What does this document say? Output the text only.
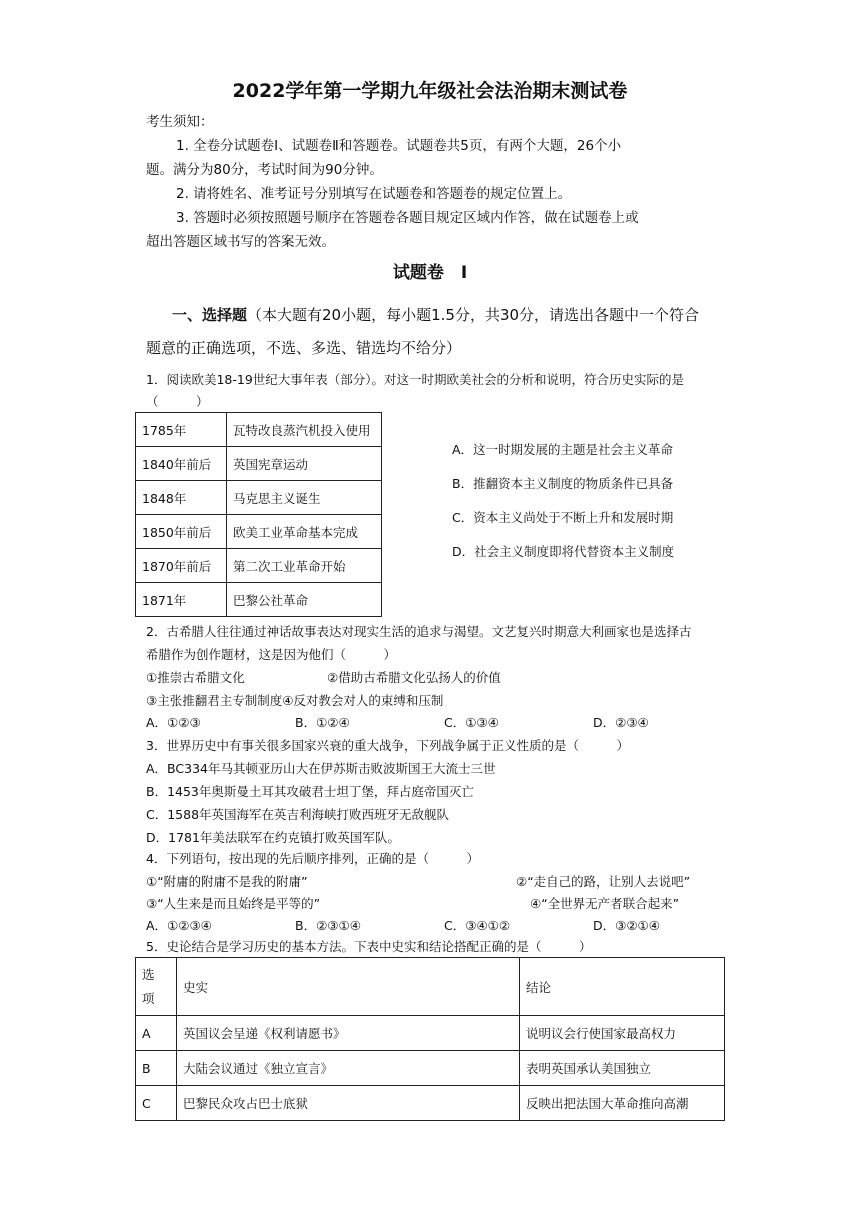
2022学年第一学期九年级社会法治期末测试卷
考生须知：
1. 全卷分试题卷Ⅰ、试题卷Ⅱ和答题卷。试题卷共5页，有两个大题，26个小
题。满分为80分，考试时间为90分钟。
2. 请将姓名、准考证号分别填写在试题卷和答题卷的规定位置上。
3. 答题时必须按照题号顺序在答题卷各题目规定区域内作答，做在试题卷上或
超出答题区域书写的答案无效。
试题卷　Ⅰ
一、选择题（本大题有20小题，每小题1.5分，共30分，请选出各题中一个符合
题意的正确选项，不选、多选、错选均不给分）
1．阅读欧美18-19世纪大事年表（部分）。对这一时期欧美社会的分析和说明，符合历史实际的是
（　　　）
1785年	瓦特改良蒸汽机投入使用
1840年前后	英国宪章运动
1848年	马克思主义诞生
1850年前后	欧美工业革命基本完成
1870年前后	第二次工业革命开始
1871年	巴黎公社革命
A．这一时期发展的主题是社会主义革命
B．推翻资本主义制度的物质条件已具备
C．资本主义尚处于不断上升和发展时期
D．社会主义制度即将代替资本主义制度
2．古希腊人往往通过神话故事表达对现实生活的追求与渴望。文艺复兴时期意大利画家也是选择古
希腊作为创作题材，这是因为他们（　　　）
①推崇古希腊文化	②借助古希腊文化弘扬人的价值
③主张推翻君主专制制度④反对教会对人的束缚和压制
A．①②③	B．①②④	C．①③④	D．②③④
3．世界历史中有事关很多国家兴衰的重大战争，下列战争属于正义性质的是（　　　）
A．BC334年马其顿亚历山大在伊苏斯击败波斯国王大流士三世
B．1453年奥斯曼土耳其攻破君士坦丁堡，拜占庭帝国灭亡
C．1588年英国海军在英吉利海峡打败西班牙无敌舰队
D．1781年美法联军在约克镇打败英国军队。
4．下列语句，按出现的先后顺序排列，正确的是（　　　）
①“附庸的附庸不是我的附庸”	②“走自己的路，让别人去说吧”
③“人生来是而且始终是平等的”	④“全世界无产者联合起来”
A．①②③④	B．②③①④	C．③④①②	D．③②①④
5．史论结合是学习历史的基本方法。下表中史实和结论搭配正确的是（　　　）
选项	史实	结论
A	英国议会呈递《权利请愿书》	说明议会行使国家最高权力
B	大陆会议通过《独立宣言》	表明英国承认美国独立
C	巴黎民众攻占巴士底狱	反映出把法国大革命推向高潮
